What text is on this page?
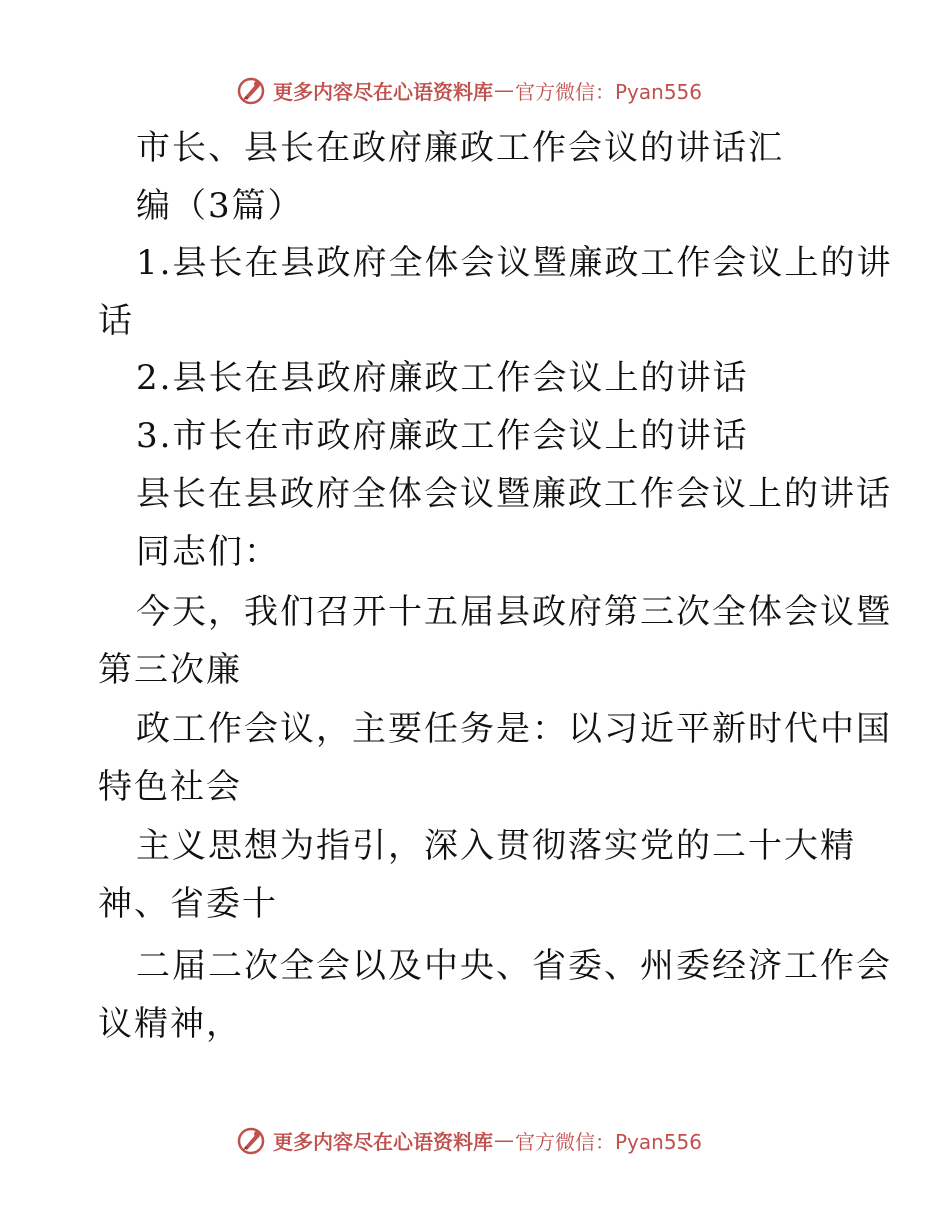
更多内容尽在心语资料库 — 官方微信：Pyan556
市长、县长在政府廉政工作会议的讲话汇
编（3篇）
1.县长在县政府全体会议暨廉政工作会议上的讲
话
2.县长在县政府廉政工作会议上的讲话
3.市长在市政府廉政工作会议上的讲话
县长在县政府全体会议暨廉政工作会议上的讲话
同志们：
今天，我们召开十五届县政府第三次全体会议暨
第三次廉
政工作会议，主要任务是：以习近平新时代中国
特色社会
主义思想为指引，深入贯彻落实党的二十大精
神、省委十
二届二次全会以及中央、省委、州委经济工作会
议精神，
更多内容尽在心语资料库 — 官方微信：Pyan556
